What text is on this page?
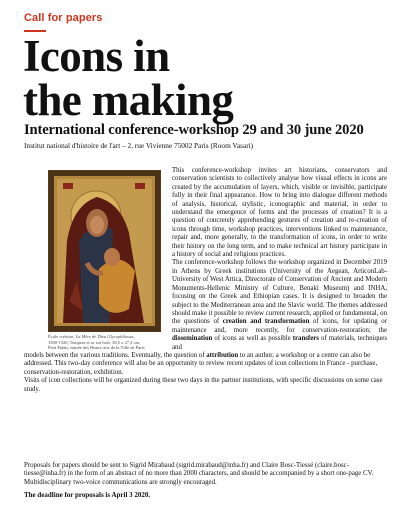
Call for papers
Icons in
the making
International conference-workshop 29 and 30 june 2020
Institut national d'histoire de l'art – 2, rue Vivienne 75002 Paris (Room Vasari)
École crétoise, La Mère de Dieu Glycophilousa,
1500-1520, Tempera et or sur bois, 38,5 x 27,2 cm,
Petit Palais, musée des Beaux-arts de la Ville de Paris

This conference-workshop invites art historians, conservators and conservation scientists to collectively analyse how visual effects in icons are created by the accumulation of layers, which, visible or invisible, participate fully in their final appearance. How to bring into dialogue different methods of analysis, historical, stylistic, iconographic and material, in order to understand the emergence of forms and the processes of creation? It is a question of concretely apprehending gestures of creation and re-creation of icons through time, workshop practices, interventions linked to maintenance, repair and, more generally, to the transformation of icons, in order to write their history on the long term, and to make technical art history participate in a history of social and religious practices.

The conference-workshop follows the workshop organized in December 2019 in Athens by Greek institutions (University of the Aegean, ArticonLab-University of West Attica, Directorate of Conservation of Ancient and Modern Monuments-Hellenic Ministry of Culture, Benaki Museum) and INHA, focusing on the Greek and Ethiopian cases. It is designed to broaden the subject to the Mediterranean area and the Slavic world. The themes addressed should make it possible to review current research, applied or fundamental, on the questions of creation and transformation of icons, for updating or maintenance and, more recently, for conservation-restoration; the dissemination of icons as well as possible transfers of materials, techniques and

models between the various traditions. Eventually, the question of attribution to an author, a workshop or a centre can also be addressed. This two-day conference will also be an opportunity to review recent updates of icon collections in France - purchase, conservation-restoration, exhibition.

Visits of icon collections will be organized during these two days in the partner institutions, with specific discussions on some case study.

Proposals for papers should be sent to Sigrid Mirabaud (sigrid.mirabaud@inha.fr) and Claire Bosc-Tiessé (claire.bosc-tiesse@inha.fr) in the form of an abstract of no more than 2000 characters, and should be accompanied by a short one-page CV. Multidisciplinary two-voice communications are strongly encouraged.

The deadline for proposals is April 3 2020.
